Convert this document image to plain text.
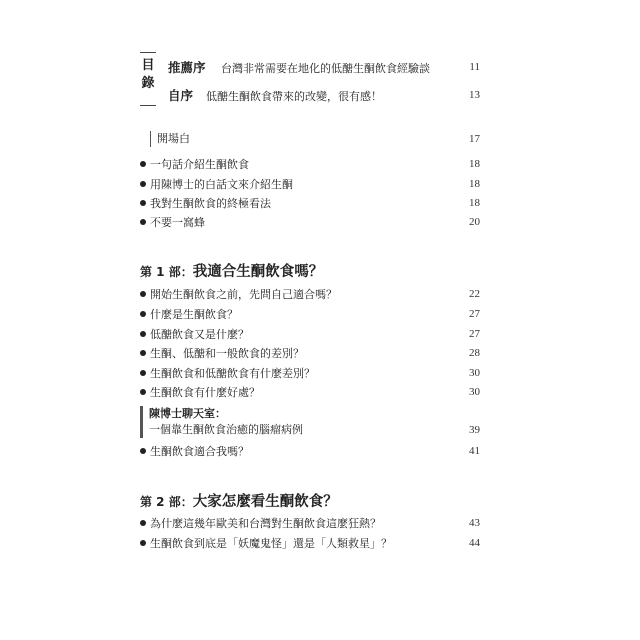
目
錄
推薦序 台灣非常需要在地化的低醣生酮飲食經驗談	11
自序 低醣生酮飲食帶來的改變，很有感！	13
開場白	17
一句話介紹生酮飲食	18
用陳博士的白話文來介紹生酮	18
我對生酮飲食的終極看法	18
不要一窩蜂	20
第 1 部：我適合生酮飲食嗎？
開始生酮飲食之前，先問自己適合嗎？	22
什麼是生酮飲食？	27
低醣飲食又是什麼？	27
生酮、低醣和一般飲食的差別？	28
生酮飲食和低醣飲食有什麼差別？	30
生酮飲食有什麼好處？	30
陳博士聊天室：
一個靠生酮飲食治癒的腦瘤病例	39
生酮飲食適合我嗎？	41
第 2 部：大家怎麼看生酮飲食？
為什麼這幾年歐美和台灣對生酮飲食這麼狂熱？	43
生酮飲食到底是「妖魔鬼怪」還是「人類救星」？	44
